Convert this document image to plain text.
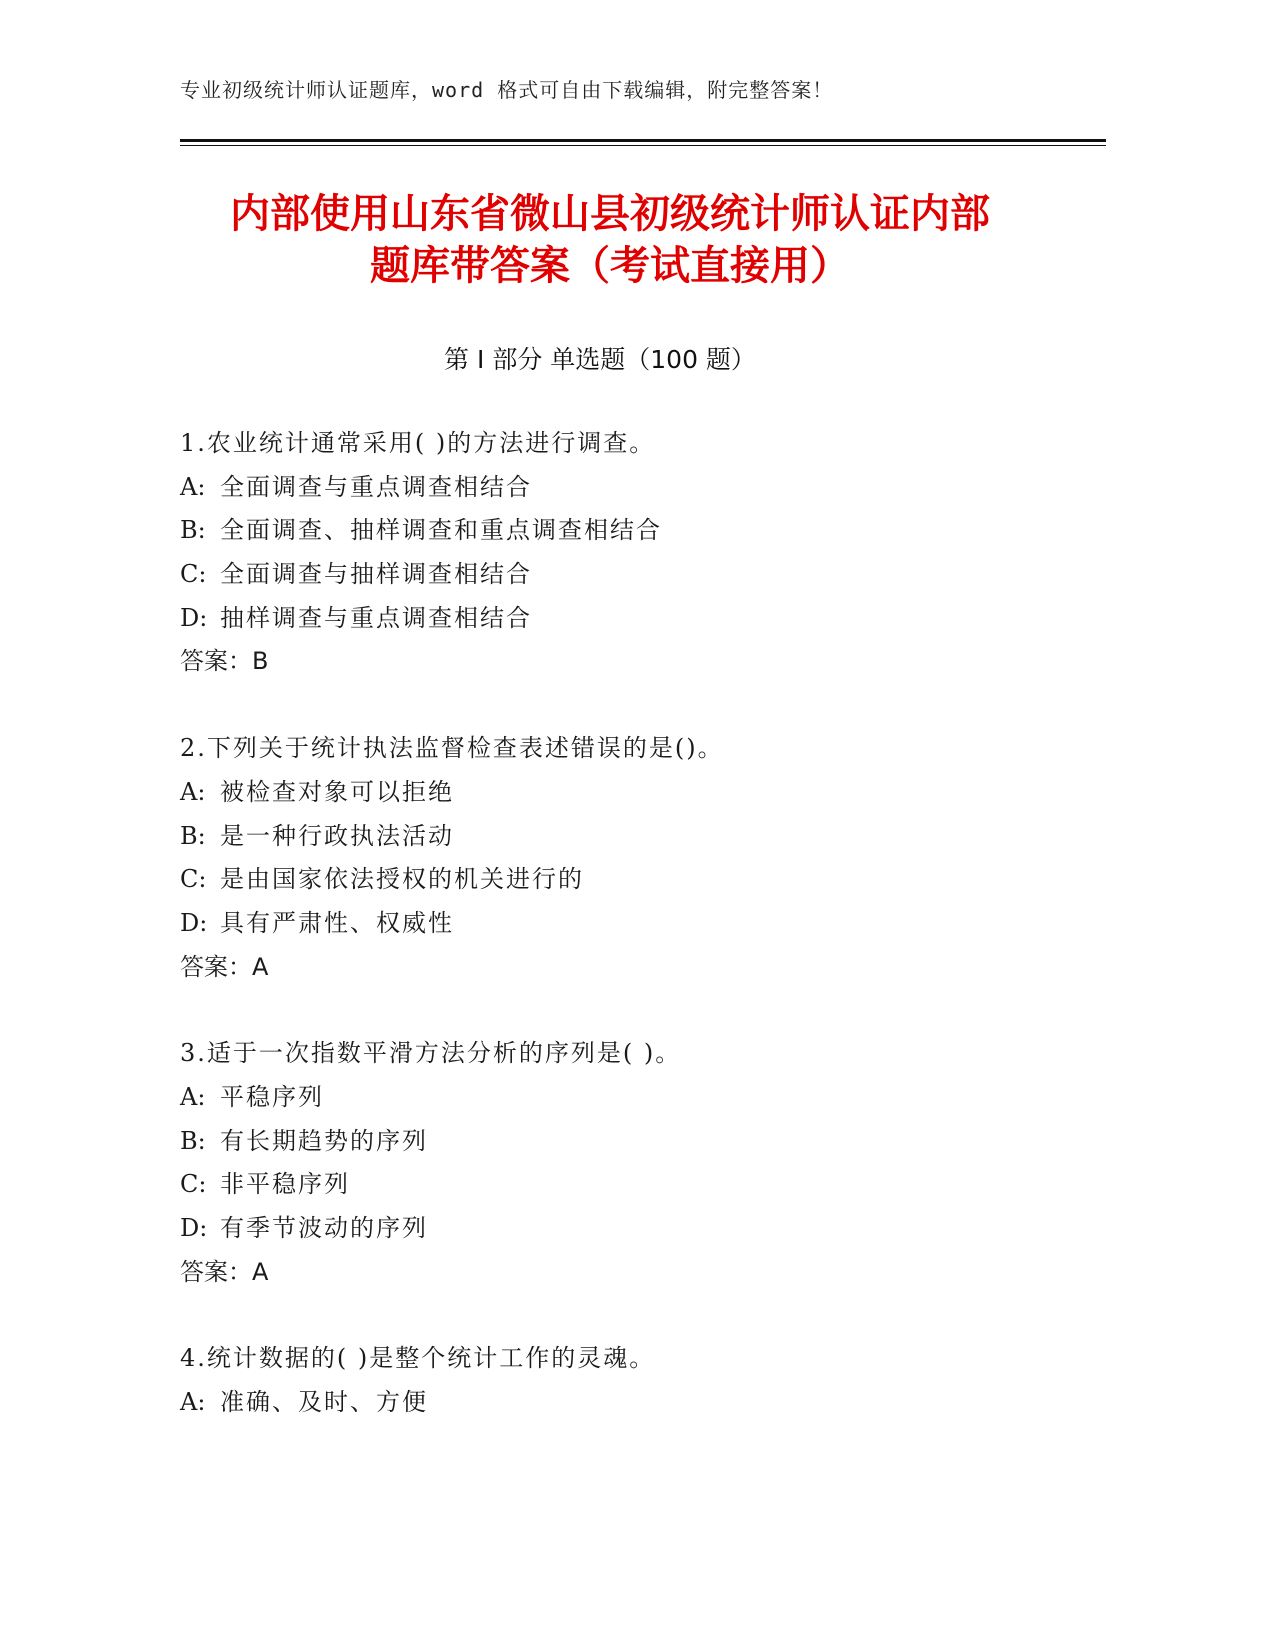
专业初级统计师认证题库，word 格式可自由下载编辑，附完整答案！
内部使用山东省微山县初级统计师认证内部
题库带答案（考试直接用）
第 I 部分 单选题（100 题）
1.农业统计通常采用( )的方法进行调查。
A: 全面调查与重点调查相结合
B: 全面调查、抽样调查和重点调查相结合
C: 全面调查与抽样调查相结合
D: 抽样调查与重点调查相结合
答案：B
2.下列关于统计执法监督检查表述错误的是()。
A: 被检查对象可以拒绝
B: 是一种行政执法活动
C: 是由国家依法授权的机关进行的
D: 具有严肃性、权威性
答案：A
3.适于一次指数平滑方法分析的序列是( )。
A: 平稳序列
B: 有长期趋势的序列
C: 非平稳序列
D: 有季节波动的序列
答案：A
4.统计数据的( )是整个统计工作的灵魂。
A: 准确、及时、方便
